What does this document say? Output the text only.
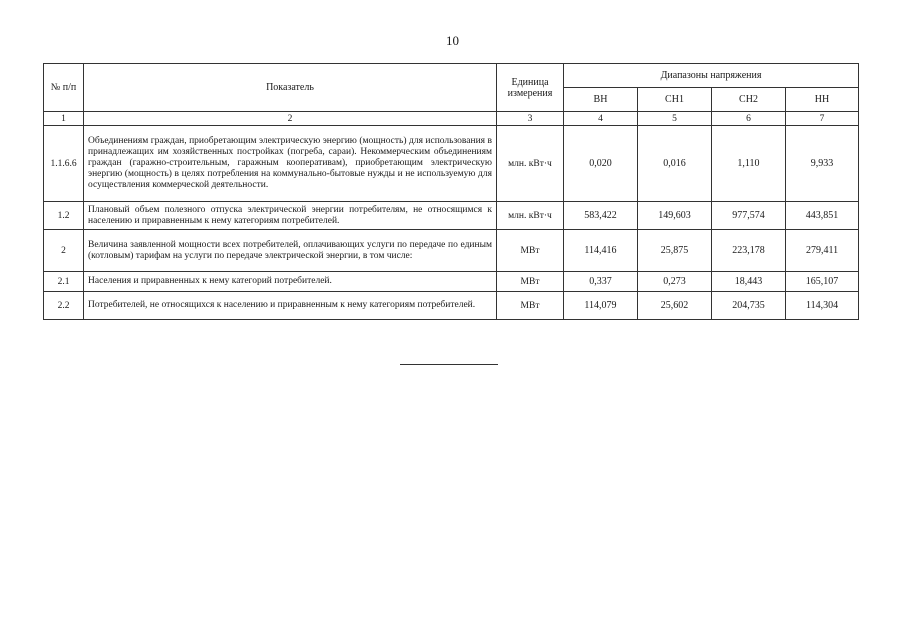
10
№ п/п	Показатель	Единица измерения	Диапазоны напряжения			
			ВН	СН1	СН2	НН
1	2	3	4	5	6	7
1.1.6.6	Объединениям граждан, приобретающим электрическую энергию (мощность) для использования в принадлежащих им хозяйственных постройках (погреба, сараи). Некоммерческим объединениям граждан (гаражно-строительным, гаражным кооперативам), приобретающим электрическую энергию (мощность) в целях потребления на коммунально-бытовые нужды и не используемую для осуществления коммерческой деятельности.	млн. кВт·ч	0,020	0,016	1,110	9,933
1.2	Плановый объем полезного отпуска электрической энергии потребителям, не относящимся к населению и приравненным к нему категориям потребителей.	млн. кВт·ч	583,422	149,603	977,574	443,851
2	Величина заявленной мощности всех потребителей, оплачивающих услуги по передаче по единым (котловым) тарифам на услуги по передаче электрической энергии, в том числе:	МВт	114,416	25,875	223,178	279,411
2.1	Населения и приравненных к нему категорий потребителей.	МВт	0,337	0,273	18,443	165,107
2.2	Потребителей, не относящихся к населению и приравненным к нему категориям потребителей.	МВт	114,079	25,602	204,735	114,304
